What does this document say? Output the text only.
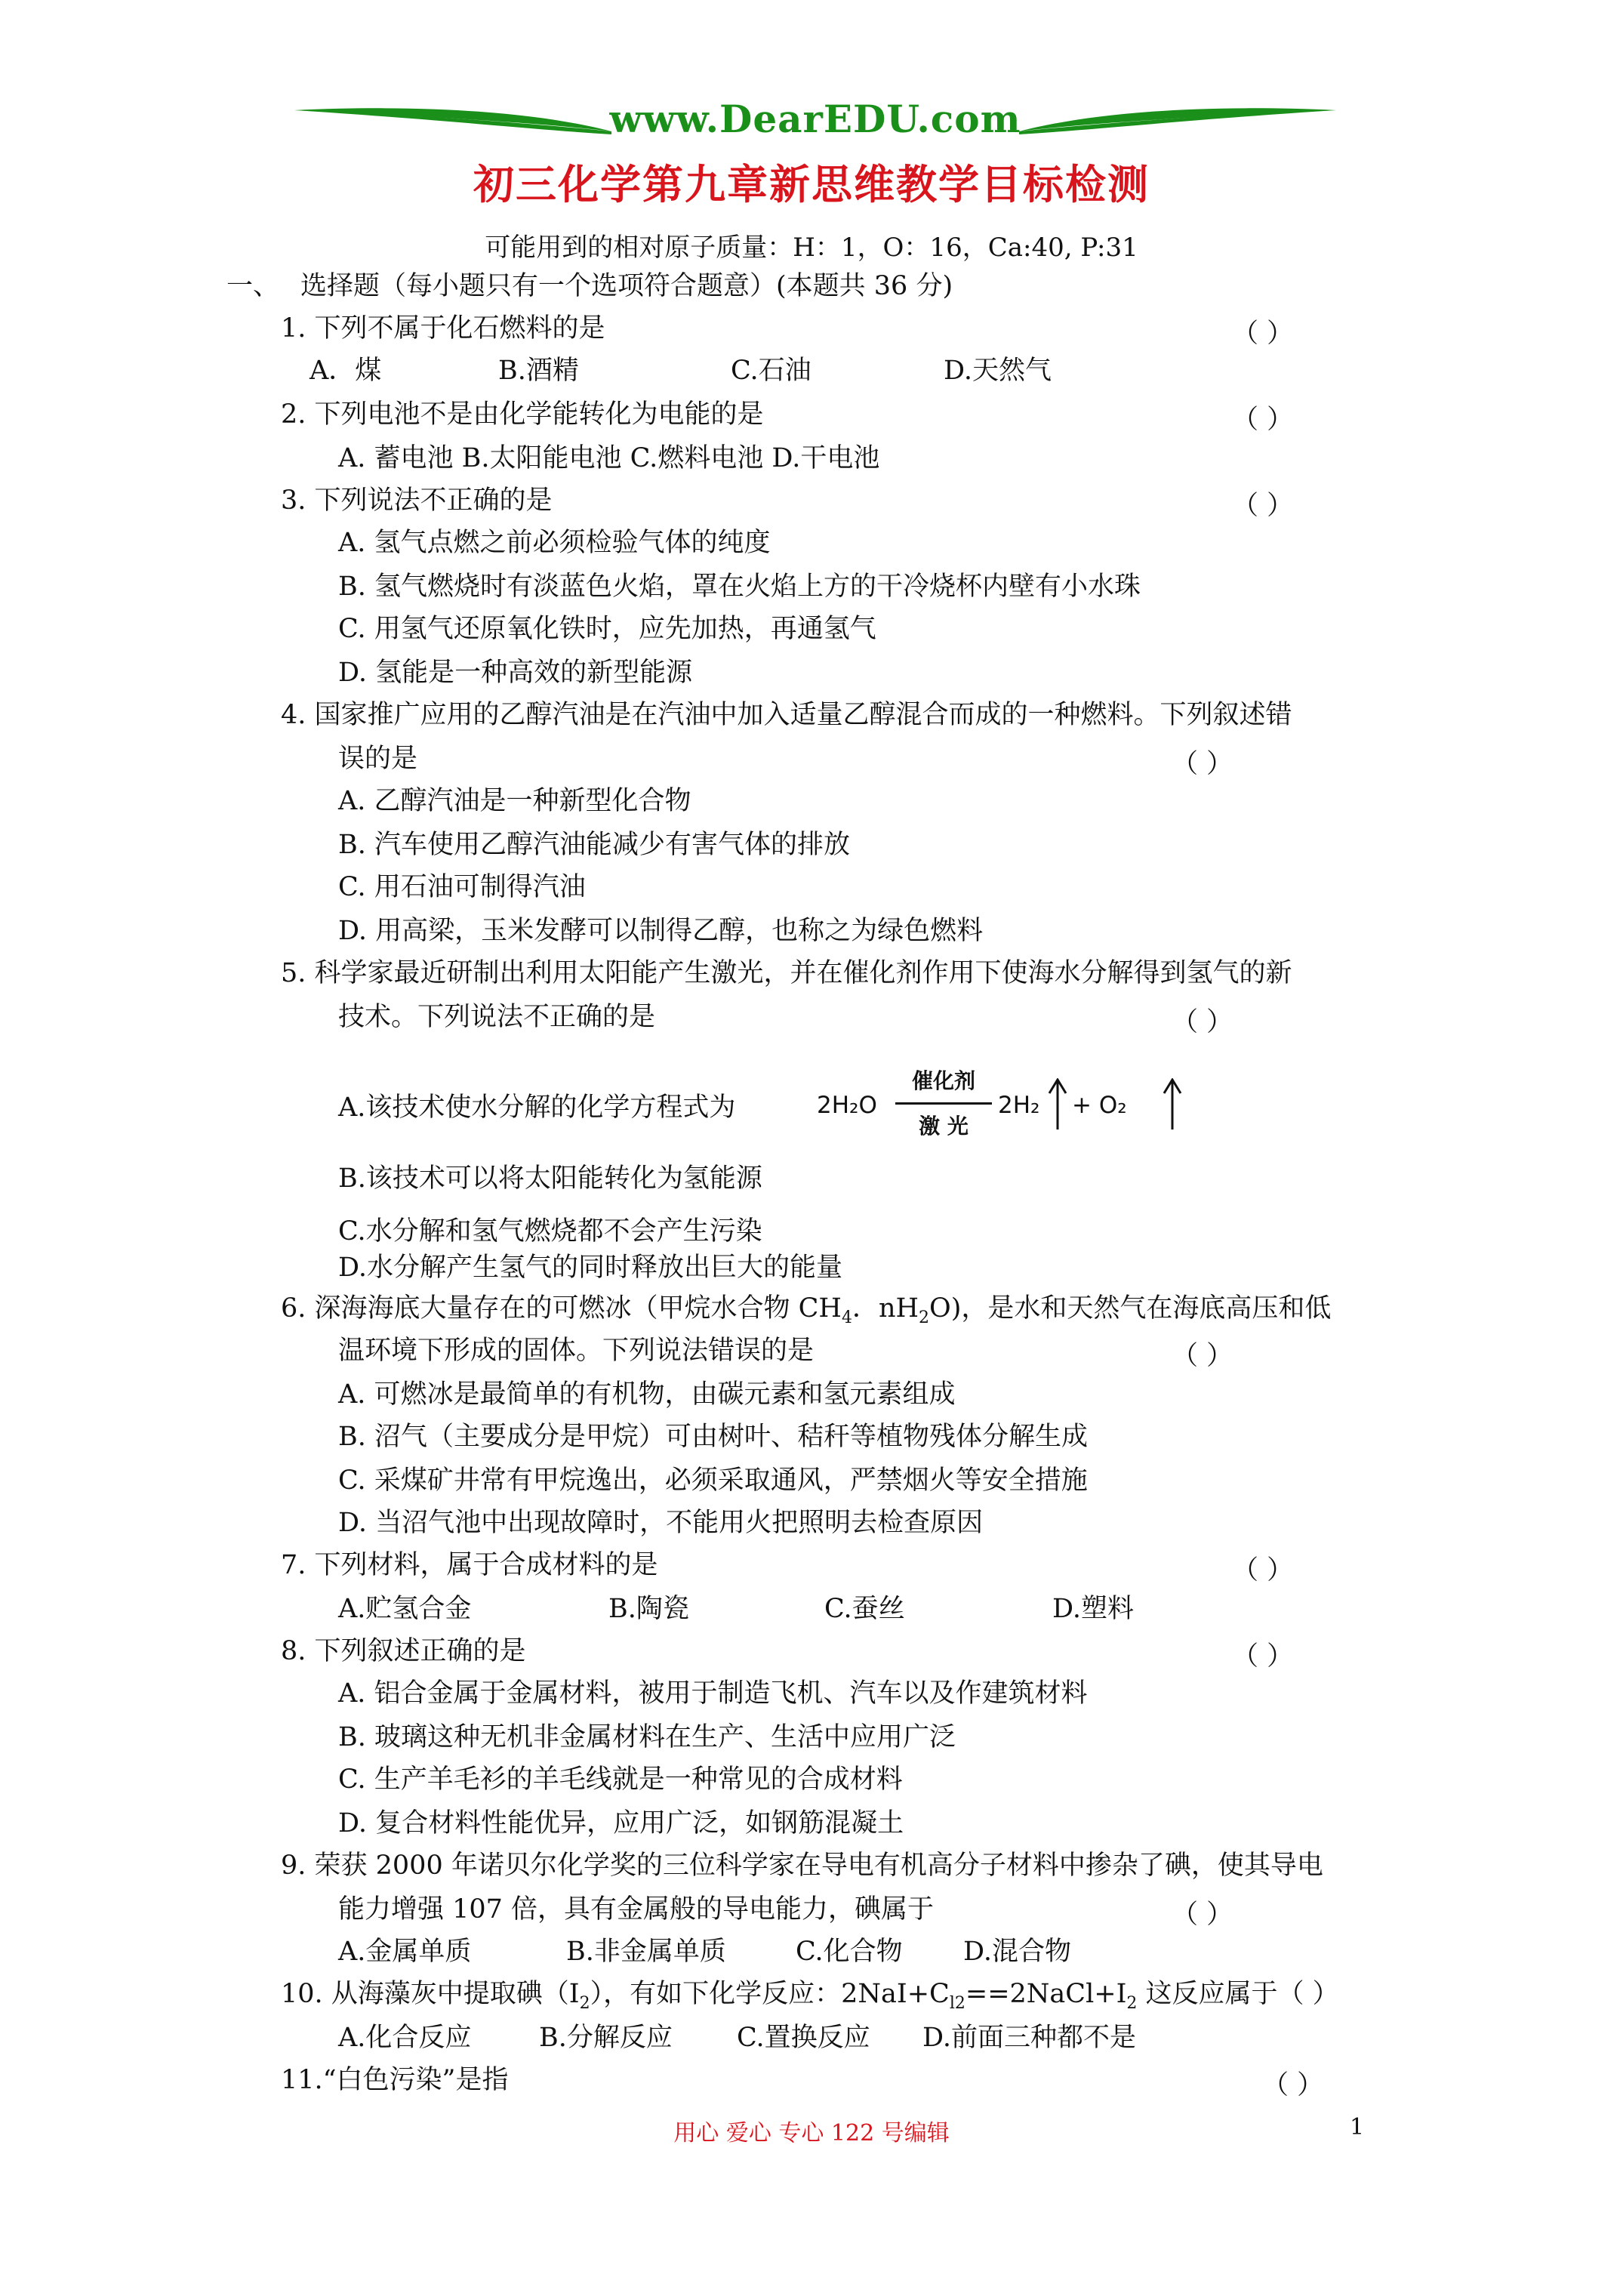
www.DearEDU.com
初三化学第九章新思维教学目标检测
可能用到的相对原子质量：H：1，O：16，Ca:40, P:31
一、 选择题（每小题只有一个选项符合题意）(本题共 36 分)
1. 下列不属于化石燃料的是	（ ）
A．煤	B.酒精	C.石油	D.天然气
2. 下列电池不是由化学能转化为电能的是	（ ）
A. 蓄电池 B.太阳能电池 C.燃料电池 D.干电池
3. 下列说法不正确的是	（ ）
A. 氢气点燃之前必须检验气体的纯度
B. 氢气燃烧时有淡蓝色火焰，罩在火焰上方的干冷烧杯内壁有小水珠
C. 用氢气还原氧化铁时，应先加热，再通氢气
D. 氢能是一种高效的新型能源
4. 国家推广应用的乙醇汽油是在汽油中加入适量乙醇混合而成的一种燃料。下列叙述错
误的是	（ ）
A. 乙醇汽油是一种新型化合物
B. 汽车使用乙醇汽油能减少有害气体的排放
C. 用石油可制得汽油
D. 用高梁，玉米发酵可以制得乙醇，也称之为绿色燃料
5. 科学家最近研制出利用太阳能产生激光，并在催化剂作用下使海水分解得到氢气的新
技术。下列说法不正确的是	（ ）
A.该技术使水分解的化学方程式为	2H₂O
催化剂
激 光
2H₂ + O₂
B.该技术可以将太阳能转化为氢能源
C.水分解和氢气燃烧都不会产生污染
D.水分解产生氢气的同时释放出巨大的能量
6. 深海海底大量存在的可燃冰（甲烷水合物 $CH_4$．$nH_2O$)，是水和天然气在海底高压和低
温环境下形成的固体。下列说法错误的是	（ ）
A. 可燃冰是最简单的有机物，由碳元素和氢元素组成
B. 沼气（主要成分是甲烷）可由树叶、秸秆等植物残体分解生成
C. 采煤矿井常有甲烷逸出，必须采取通风，严禁烟火等安全措施
D. 当沼气池中出现故障时，不能用火把照明去检查原因
7. 下列材料，属于合成材料的是	（ ）
A.贮氢合金	B.陶瓷	C.蚕丝	D.塑料
8. 下列叙述正确的是	（ ）
A. 铝合金属于金属材料，被用于制造飞机、汽车以及作建筑材料
B. 玻璃这种无机非金属材料在生产、生活中应用广泛
C. 生产羊毛衫的羊毛线就是一种常见的合成材料
D. 复合材料性能优异，应用广泛，如钢筋混凝土
9. 荣获 2000 年诺贝尔化学奖的三位科学家在导电有机高分子材料中掺杂了碘，使其导电
能力增强 107 倍，具有金属般的导电能力，碘属于	（ ）
A.金属单质	B.非金属单质	C.化合物 D.混合物
10. 从海藻灰中提取碘$(I_2)$，有如下化学反应：$2NaI+C_{l2}==2NaCl+I_2$ 这反应属于（ ）
A.化合反应	B.分解反应 C.置换反应 D.前面三种都不是
11.“白色污染”是指	（ ）
用心 爱心 专心 122 号编辑	1
